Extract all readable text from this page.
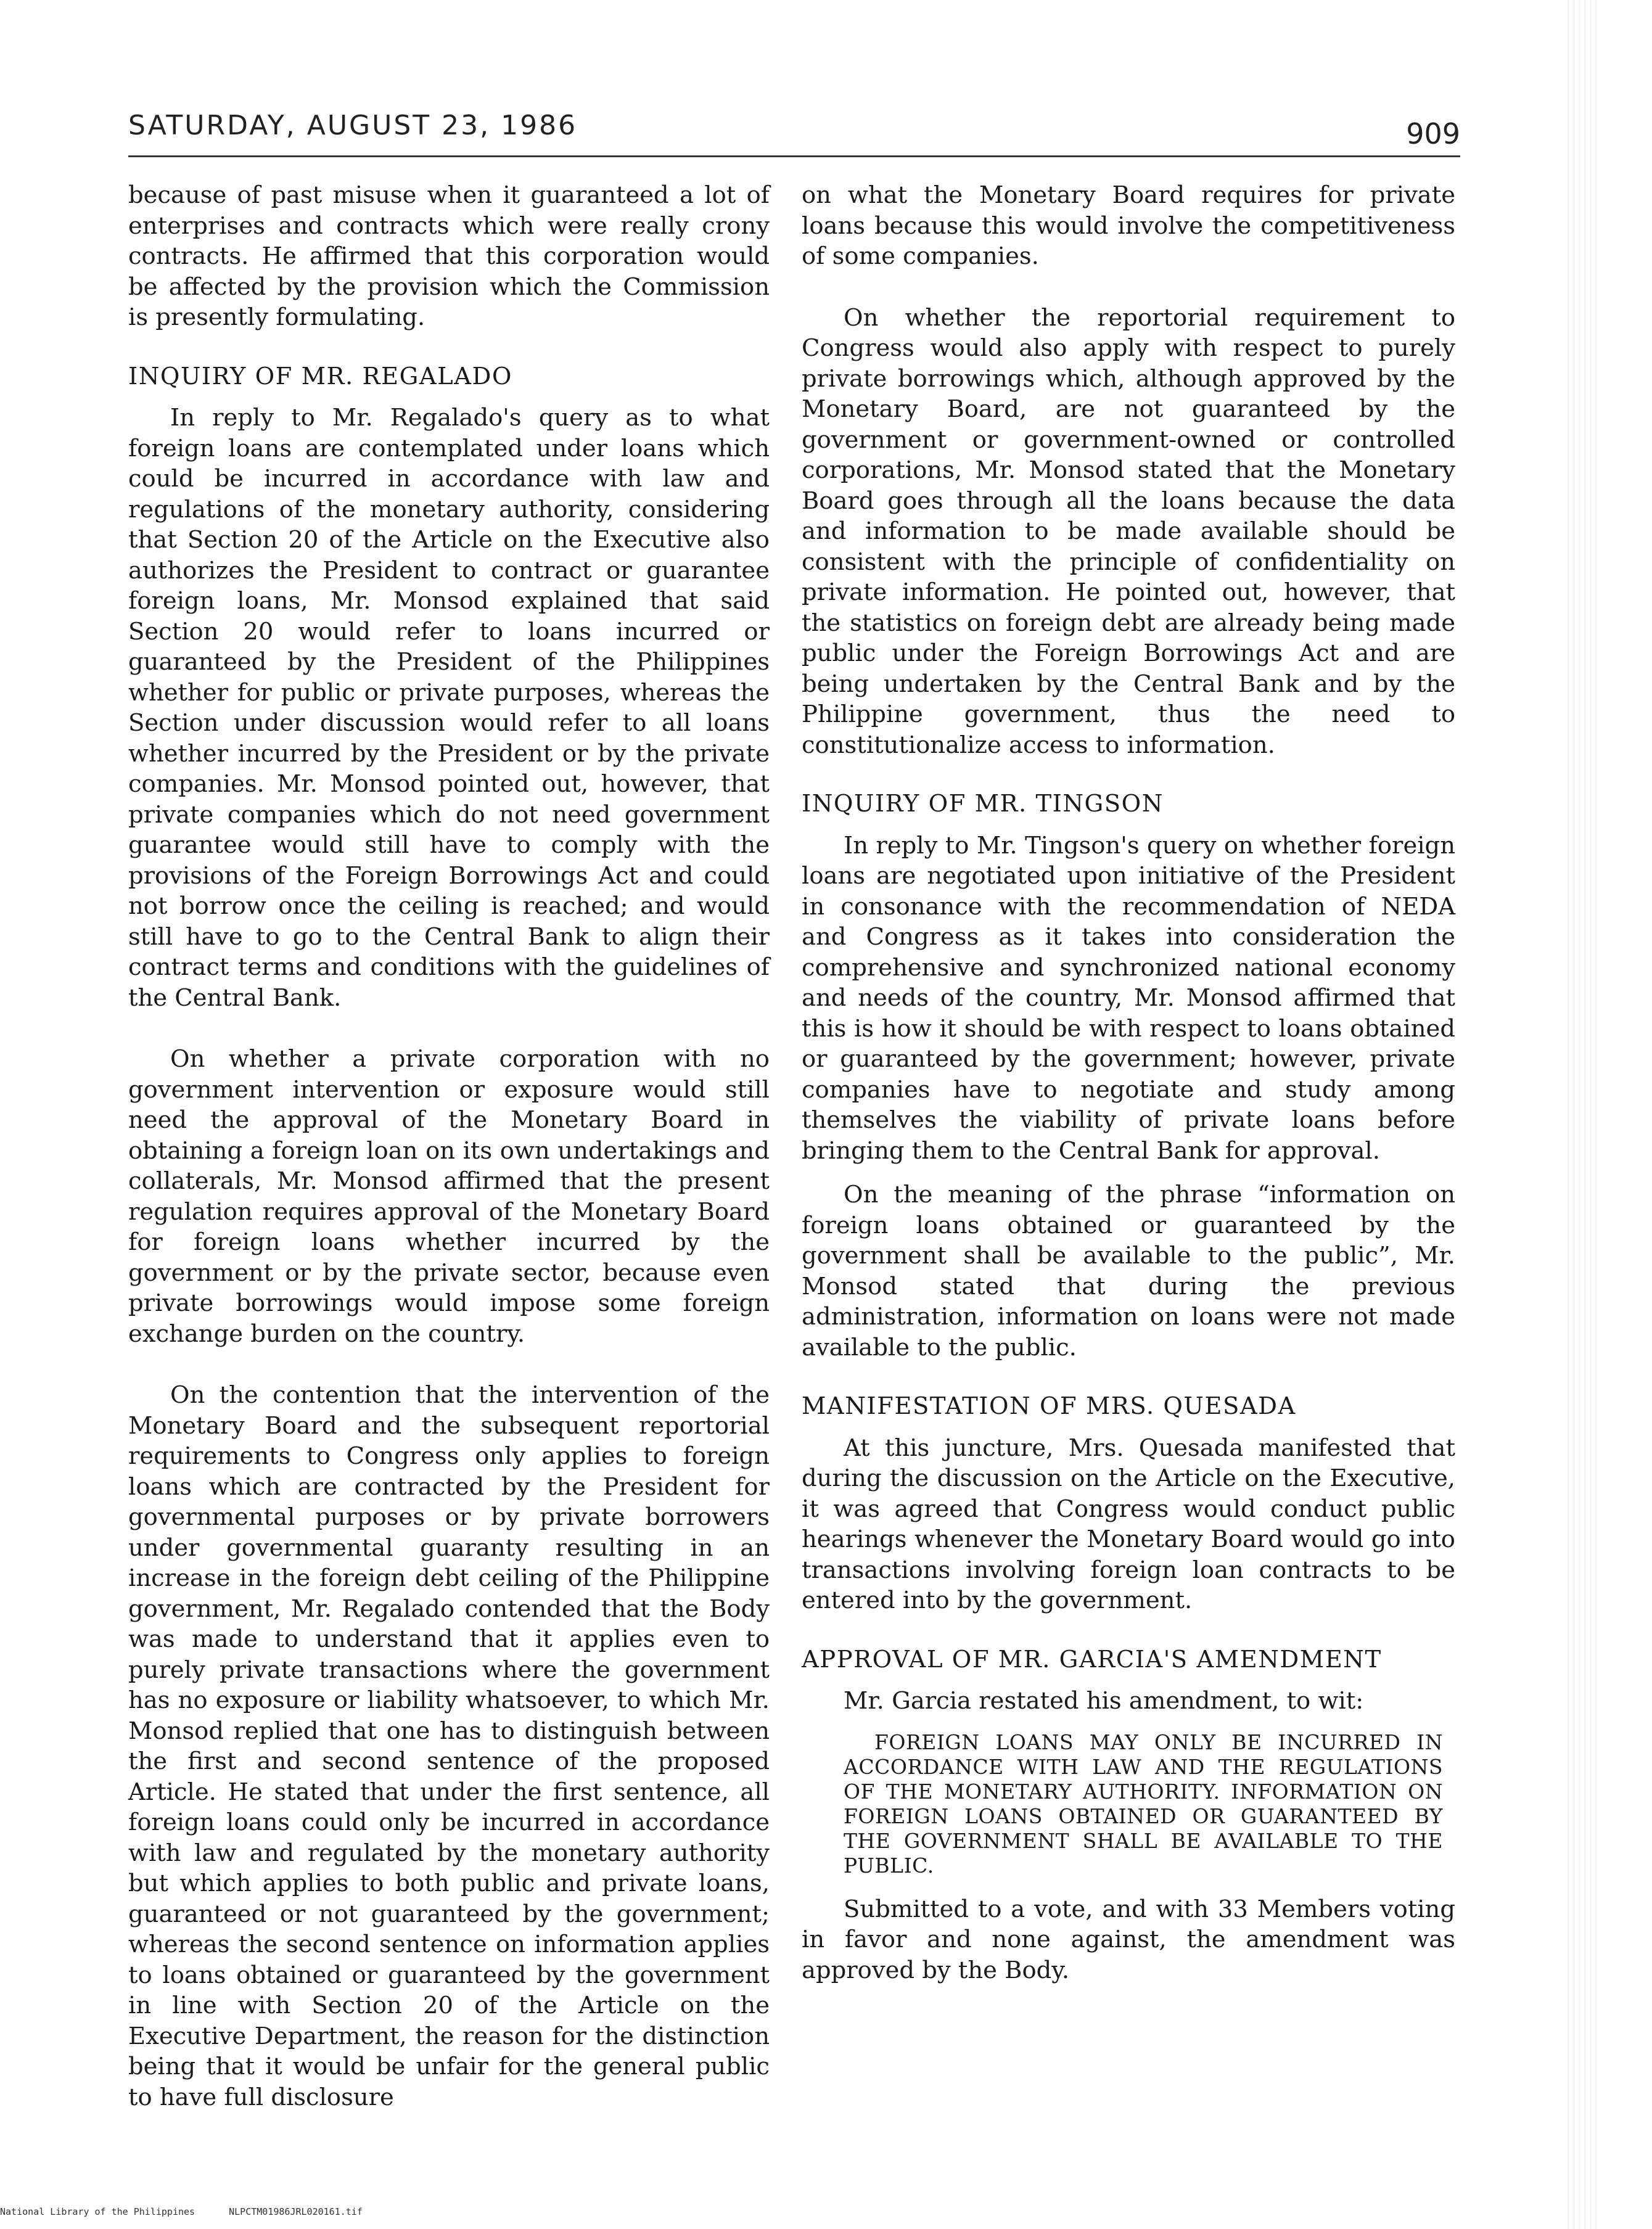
SATURDAY, AUGUST 23, 1986	909

because of past misuse when it guaranteed a lot of enterprises and contracts which were really crony contracts. He affirmed that this corporation would be affected by the provision which the Commission is presently formulating.

INQUIRY OF MR. REGALADO

In reply to Mr. Regalado's query as to what foreign loans are contemplated under loans which could be incurred in accordance with law and regulations of the monetary authority, considering that Section 20 of the Article on the Executive also authorizes the President to contract or guarantee foreign loans, Mr. Monsod explained that said Section 20 would refer to loans incurred or guaranteed by the President of the Philippines whether for public or private purposes, whereas the Section under discussion would refer to all loans whether incurred by the President or by the private companies. Mr. Monsod pointed out, however, that private companies which do not need government guarantee would still have to comply with the provisions of the Foreign Borrowings Act and could not borrow once the ceiling is reached; and would still have to go to the Central Bank to align their contract terms and conditions with the guidelines of the Central Bank.

On whether a private corporation with no government intervention or exposure would still need the approval of the Monetary Board in obtaining a foreign loan on its own undertakings and collaterals, Mr. Monsod affirmed that the present regulation requires approval of the Monetary Board for foreign loans whether incurred by the government or by the private sector, because even private borrowings would impose some foreign exchange burden on the country.

On the contention that the intervention of the Monetary Board and the subsequent reportorial requirements to Congress only applies to foreign loans which are contracted by the President for governmental purposes or by private borrowers under governmental guaranty resulting in an increase in the foreign debt ceiling of the Philippine government, Mr. Regalado contended that the Body was made to understand that it applies even to purely private transactions where the government has no exposure or liability whatsoever, to which Mr. Monsod replied that one has to distinguish between the first and second sentence of the proposed Article. He stated that under the first sentence, all foreign loans could only be incurred in accordance with law and regulated by the monetary authority but which applies to both public and private loans, guaranteed or not guaranteed by the government; whereas the second sentence on information applies to loans obtained or guaranteed by the government in line with Section 20 of the Article on the Executive Department, the reason for the distinction being that it would be unfair for the general public to have full disclosure

on what the Monetary Board requires for private loans because this would involve the competitiveness of some companies.

On whether the reportorial requirement to Congress would also apply with respect to purely private borrowings which, although approved by the Monetary Board, are not guaranteed by the government or government-owned or controlled corporations, Mr. Monsod stated that the Monetary Board goes through all the loans because the data and information to be made available should be consistent with the principle of confidentiality on private information. He pointed out, however, that the statistics on foreign debt are already being made public under the Foreign Borrowings Act and are being undertaken by the Central Bank and by the Philippine government, thus the need to constitutionalize access to information.

INQUIRY OF MR. TINGSON

In reply to Mr. Tingson's query on whether foreign loans are negotiated upon initiative of the President in consonance with the recommendation of NEDA and Congress as it takes into consideration the comprehensive and synchronized national economy and needs of the country, Mr. Monsod affirmed that this is how it should be with respect to loans obtained or guaranteed by the government; however, private companies have to negotiate and study among themselves the viability of private loans before bringing them to the Central Bank for approval.

On the meaning of the phrase “information on foreign loans obtained or guaranteed by the government shall be available to the public”, Mr. Monsod stated that during the previous administration, information on loans were not made available to the public.

MANIFESTATION OF MRS. QUESADA

At this juncture, Mrs. Quesada manifested that during the discussion on the Article on the Executive, it was agreed that Congress would conduct public hearings whenever the Monetary Board would go into transactions involving foreign loan contracts to be entered into by the government.

APPROVAL OF MR. GARCIA'S AMENDMENT

Mr. Garcia restated his amendment, to wit:

FOREIGN LOANS MAY ONLY BE INCURRED IN ACCORDANCE WITH LAW AND THE REGULATIONS OF THE MONETARY AUTHORITY. INFORMATION ON FOREIGN LOANS OBTAINED OR GUARANTEED BY THE GOVERNMENT SHALL BE AVAILABLE TO THE PUBLIC.

Submitted to a vote, and with 33 Members voting in favor and none against, the amendment was approved by the Body.

National Library of the Philippines	NLPCTM01986JRL020161.tif
